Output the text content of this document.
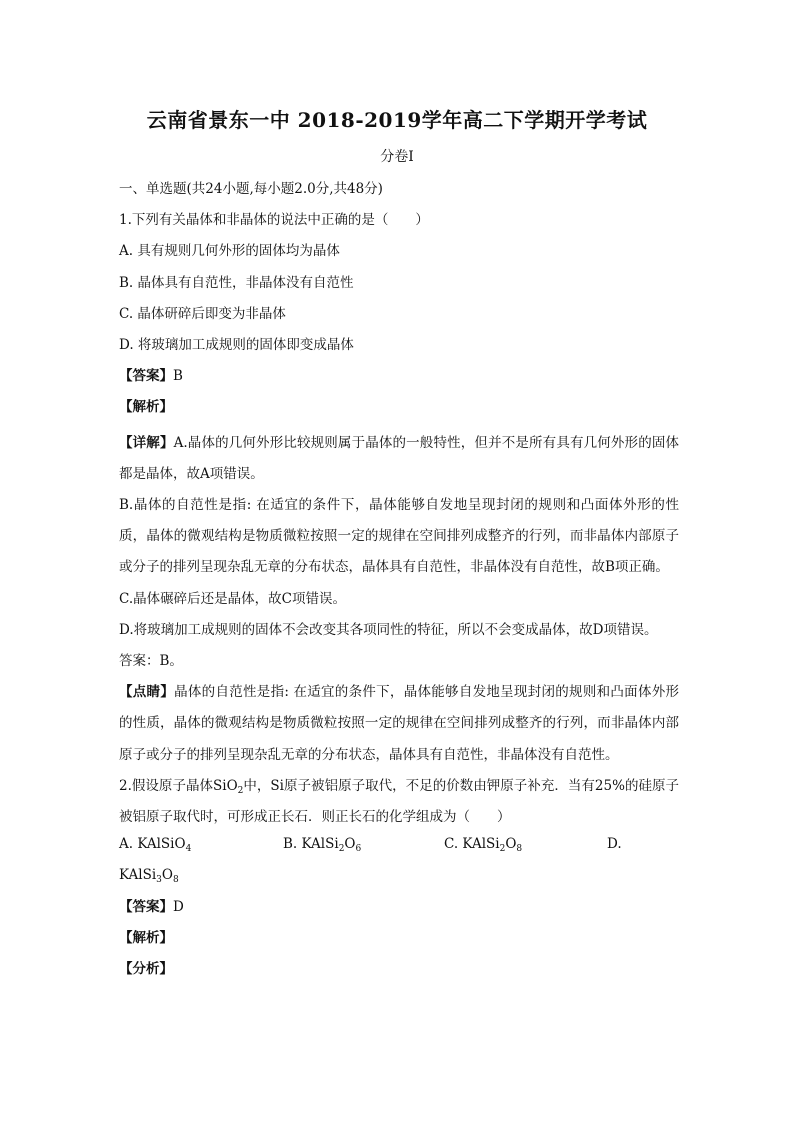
云南省景东一中 2018-2019学年高二下学期开学考试
分卷I
一、单选题(共24小题,每小题2.0分,共48分)
1.下列有关晶体和非晶体的说法中正确的是（　　）
A. 具有规则几何外形的固体均为晶体
B. 晶体具有自范性，非晶体没有自范性
C. 晶体研碎后即变为非晶体
D. 将玻璃加工成规则的固体即变成晶体
【答案】B
【解析】
【详解】A.晶体的几何外形比较规则属于晶体的一般特性，但并不是所有具有几何外形的固体都是晶体，故A项错误。
B.晶体的自范性是指: 在适宜的条件下，晶体能够自发地呈现封闭的规则和凸面体外形的性质，晶体的微观结构是物质微粒按照一定的规律在空间排列成整齐的行列，而非晶体内部原子或分子的排列呈现杂乱无章的分布状态，晶体具有自范性，非晶体没有自范性，故B项正确。
C.晶体碾碎后还是晶体，故C项错误。
D.将玻璃加工成规则的固体不会改变其各项同性的特征，所以不会变成晶体，故D项错误。
答案：B。
【点睛】晶体的自范性是指: 在适宜的条件下，晶体能够自发地呈现封闭的规则和凸面体外形的性质，晶体的微观结构是物质微粒按照一定的规律在空间排列成整齐的行列，而非晶体内部原子或分子的排列呈现杂乱无章的分布状态，晶体具有自范性，非晶体没有自范性。
2.假设原子晶体SiO$_2$中，Si原子被铝原子取代，不足的价数由钾原子补充．当有25%的硅原子被铝原子取代时，可形成正长石．则正长石的化学组成为（　　）
A. KAlSiO$_4$	B. $KAlSi_2O_6$	C. $KAlSi_2O_8$	D.
$KAlSi_3O_8$
【答案】D
【解析】
【分析】
